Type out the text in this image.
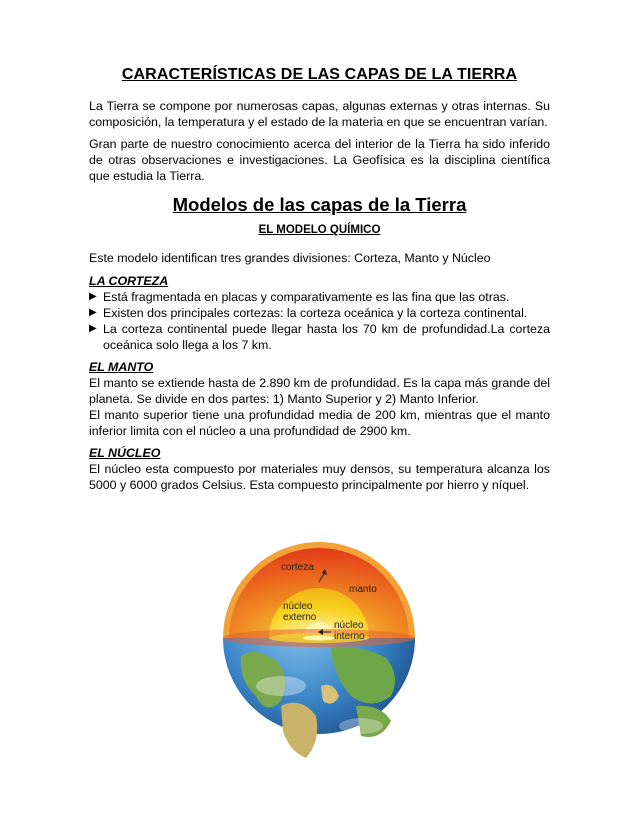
CARACTERÍSTICAS DE LAS CAPAS DE LA TIERRA

La Tierra se compone por numerosas capas, algunas externas y otras internas. Su composición, la temperatura y el estado de la materia en que se encuentran varían.

Gran parte de nuestro conocimiento acerca del interior de la Tierra ha sido inferido de otras observaciones e investigaciones. La Geofísica es la disciplina científica que estudia la Tierra.

Modelos de las capas de la Tierra
EL MODELO QUÍMICO

Este modelo identifican tres grandes divisiones: Corteza, Manto y Núcleo

LA CORTEZA
▶ Está fragmentada en placas y comparativamente es las fina que las otras.
▶ Existen dos principales cortezas: la corteza oceánica y la corteza continental.
▶ La corteza continental puede llegar hasta los 70 km de profundidad.La corteza oceánica solo llega a los 7 km.
EL MANTO

El manto se extiende hasta de 2.890 km de profundidad. Es la capa más grande del planeta. Se divide en dos partes: 1) Manto Superior y 2) Manto Inferior.

El manto superior tiene una profundidad media de 200 km, mientras que el manto inferior limita con el núcleo a una profundidad de 2900 km.

EL NÚCLEO

El núcleo esta compuesto por materiales muy densos, su temperatura alcanza los 5000 y 6000 grados Celsius. Esta compuesto principalmente por hierro y níquel.

corteza
manto
núcleo
externo
núcleo
interno
